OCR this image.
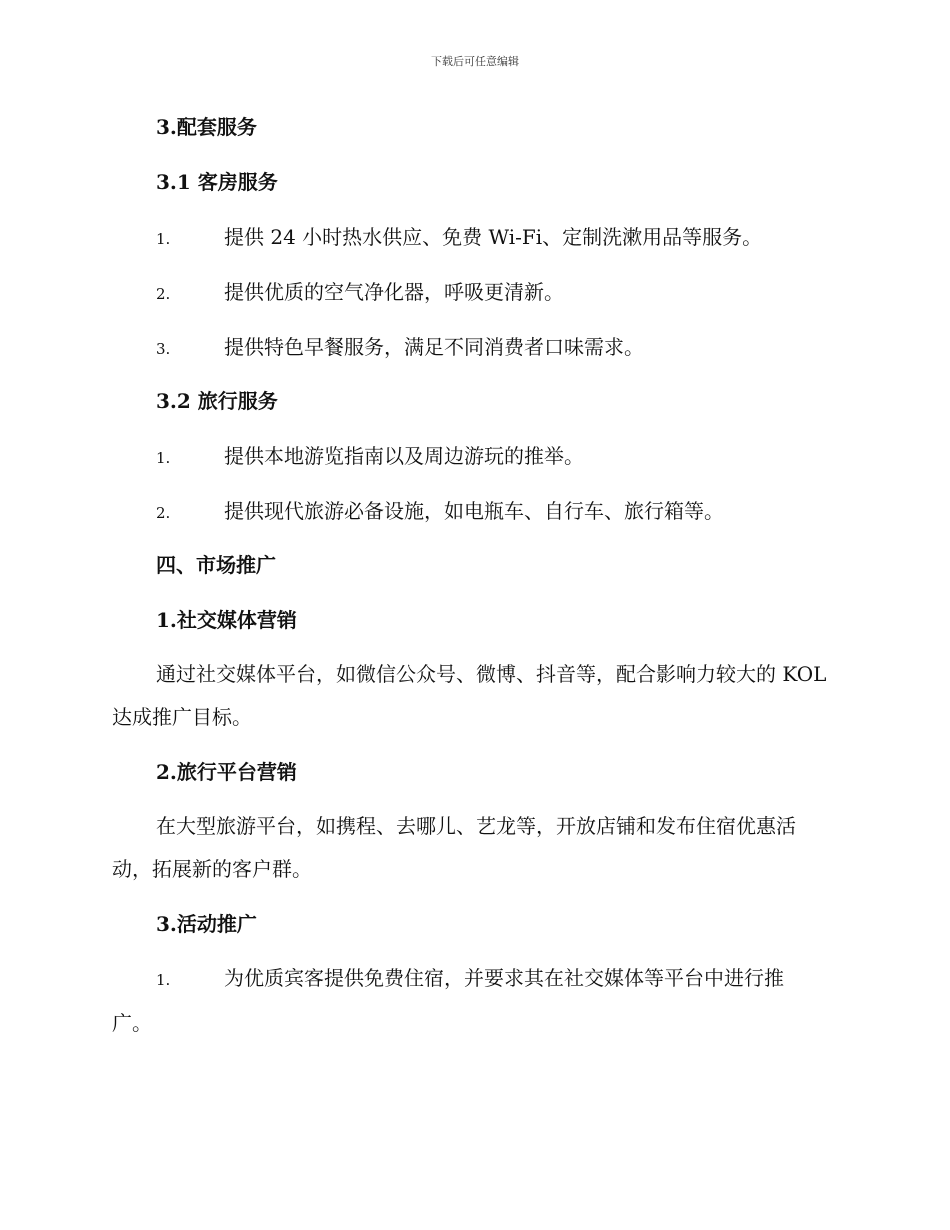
下载后可任意编辑
3.配套服务
3.1 客房服务
1.	提供 24 小时热水供应、免费 Wi-Fi、定制洗漱用品等服务。
2.	提供优质的空气净化器，呼吸更清新。
3.	提供特色早餐服务，满足不同消费者口味需求。
3.2 旅行服务
1.	提供本地游览指南以及周边游玩的推举。
2.	提供现代旅游必备设施，如电瓶车、自行车、旅行箱等。
四、市场推广
1.社交媒体营销
通过社交媒体平台，如微信公众号、微博、抖音等，配合影响力较大的 KOL 达成推广目标。
2.旅行平台营销
在大型旅游平台，如携程、去哪儿、艺龙等，开放店铺和发布住宿优惠活动，拓展新的客户群。
3.活动推广
1.	为优质宾客提供免费住宿，并要求其在社交媒体等平台中进行推
广。
